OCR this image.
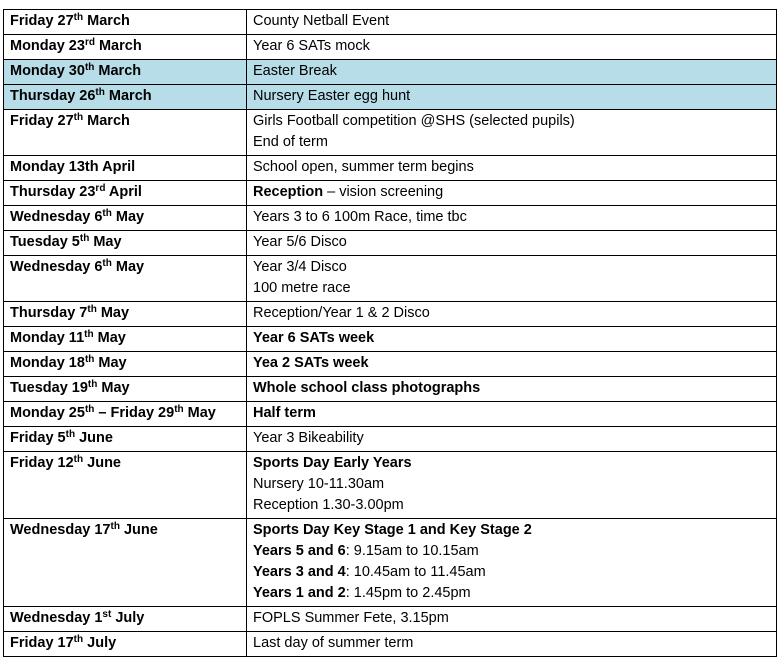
Friday 27th March	County Netball Event

Monday 23rd March	Year 6 SATs mock

Monday 30th March	Easter Break

Thursday 26th March	Nursery Easter egg hunt

Friday 27th March	Girls Football competition @SHS (selected pupils)
End of term

Monday 13th April	School open, summer term begins

Thursday 23rd April	Reception – vision screening

Wednesday 6th May	Years 3 to 6 100m Race, time tbc

Tuesday 5th May	Year 5/6 Disco

Wednesday 6th May	Year 3/4 Disco
100 metre race

Thursday 7th May	Reception/Year 1 & 2 Disco

Monday 11th May	Year 6 SATs week

Monday 18th May	Yea 2 SATs week

Tuesday 19th May	Whole school class photographs

Monday 25th – Friday 29th May	Half term

Friday 5th June	Year 3 Bikeability

Friday 12th June	Sports Day Early Years
Nursery 10-11.30am
Reception 1.30-3.00pm

Wednesday 17th June	Sports Day Key Stage 1 and Key Stage 2
Years 5 and 6: 9.15am to 10.15am
Years 3 and 4: 10.45am to 11.45am
Years 1 and 2: 1.45pm to 2.45pm

Wednesday 1st July	FOPLS Summer Fete, 3.15pm

Friday 17th July	Last day of summer term
